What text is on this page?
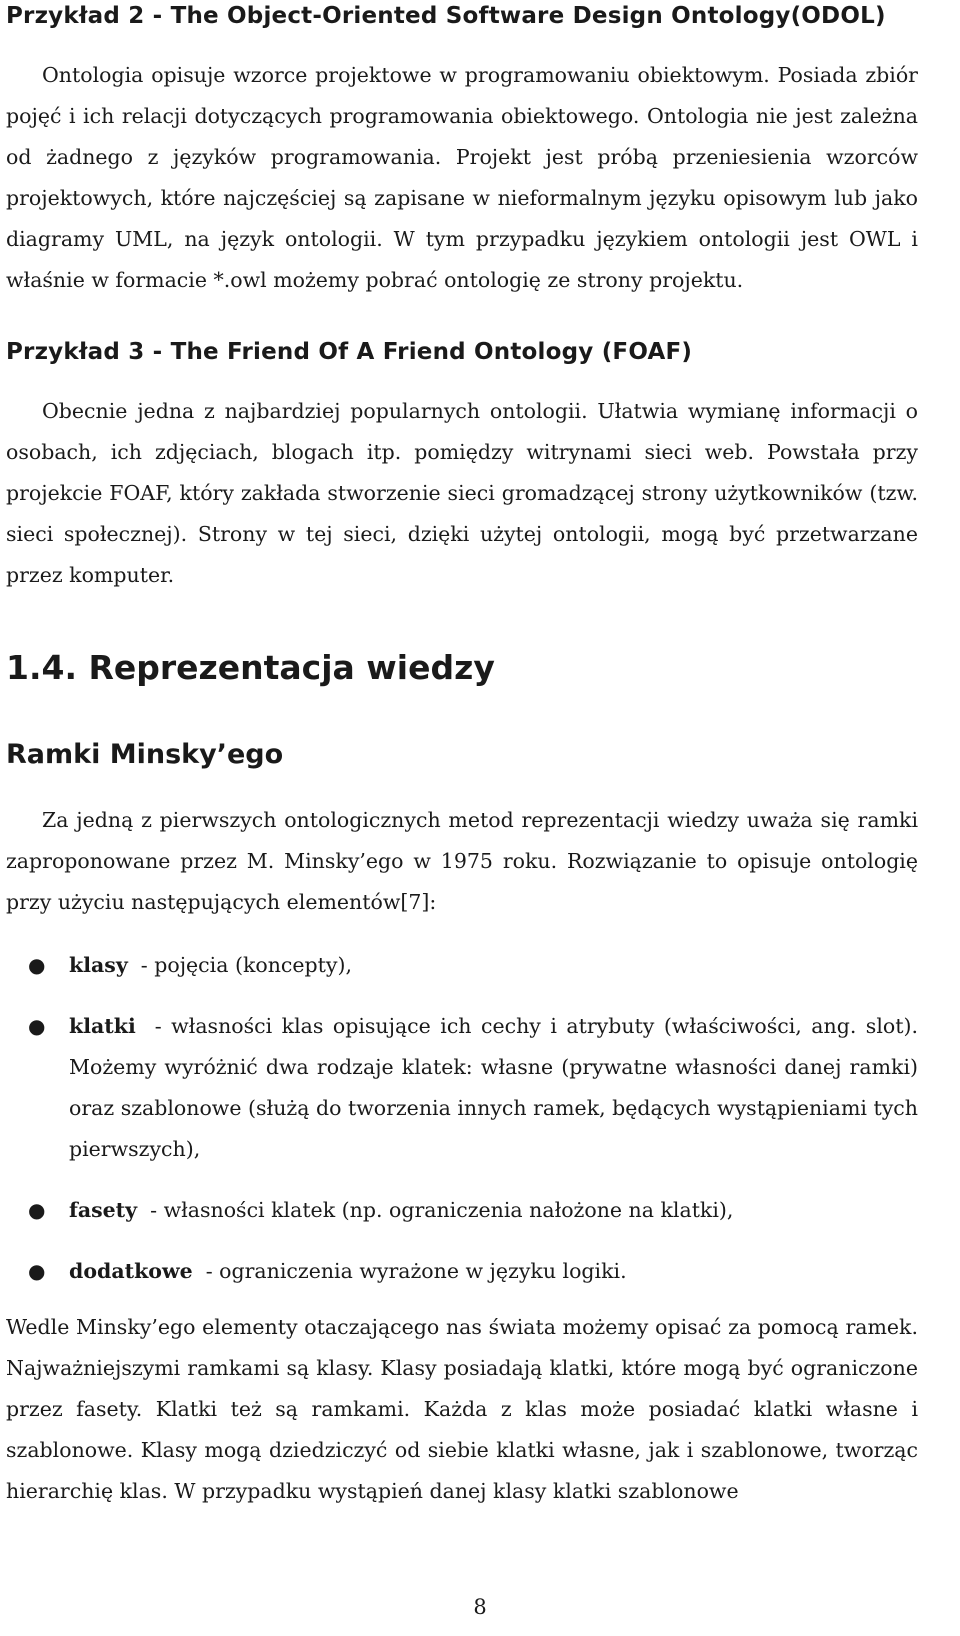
Przykład 2 - The Object-Oriented Software Design Ontology(ODOL)

Ontologia opisuje wzorce projektowe w programowaniu obiektowym. Posiada zbiór pojęć i ich relacji dotyczących programowania obiektowego. Ontologia nie jest zależna od żadnego z języków programowania. Projekt jest próbą przeniesienia wzorców projektowych, które najczęściej są zapisane w nieformalnym języku opisowym lub jako diagramy UML, na język ontologii. W tym przypadku językiem ontologii jest OWL i właśnie w formacie *.owl możemy pobrać ontologię ze strony projektu.

Przykład 3 - The Friend Of A Friend Ontology (FOAF)

Obecnie jedna z najbardziej popularnych ontologii. Ułatwia wymianę informacji o osobach, ich zdjęciach, blogach itp. pomiędzy witrynami sieci web. Powstała przy projekcie FOAF, który zakłada stworzenie sieci gromadzącej strony użytkowników (tzw. sieci społecznej). Strony w tej sieci, dzięki użytej ontologii, mogą być przetwarzane przez komputer.

1.4. Reprezentacja wiedzy
Ramki Minsky’ego

Za jedną z pierwszych ontologicznych metod reprezentacji wiedzy uważa się ramki zaproponowane przez M. Minsky’ego w 1975 roku. Rozwiązanie to opisuje ontologię przy użyciu następujących elementów[7]:

● klasy - pojęcia (koncepty),
● klatki - własności klas opisujące ich cechy i atrybuty (właściwości, ang. slot). Możemy wyróżnić dwa rodzaje klatek: własne (prywatne własności danej ramki) oraz szablonowe (służą do tworzenia innych ramek, będących wystąpieniami tych pierwszych),
● fasety - własności klatek (np. ograniczenia nałożone na klatki),
● dodatkowe - ograniczenia wyrażone w języku logiki.

Wedle Minsky’ego elementy otaczającego nas świata możemy opisać za pomocą ramek. Najważniejszymi ramkami są klasy. Klasy posiadają klatki, które mogą być ograniczone przez fasety. Klatki też są ramkami. Każda z klas może posiadać klatki własne i szablonowe. Klasy mogą dziedziczyć od siebie klatki własne, jak i szablonowe, tworząc hierarchię klas. W przypadku wystąpień danej klasy klatki szablonowe

8
